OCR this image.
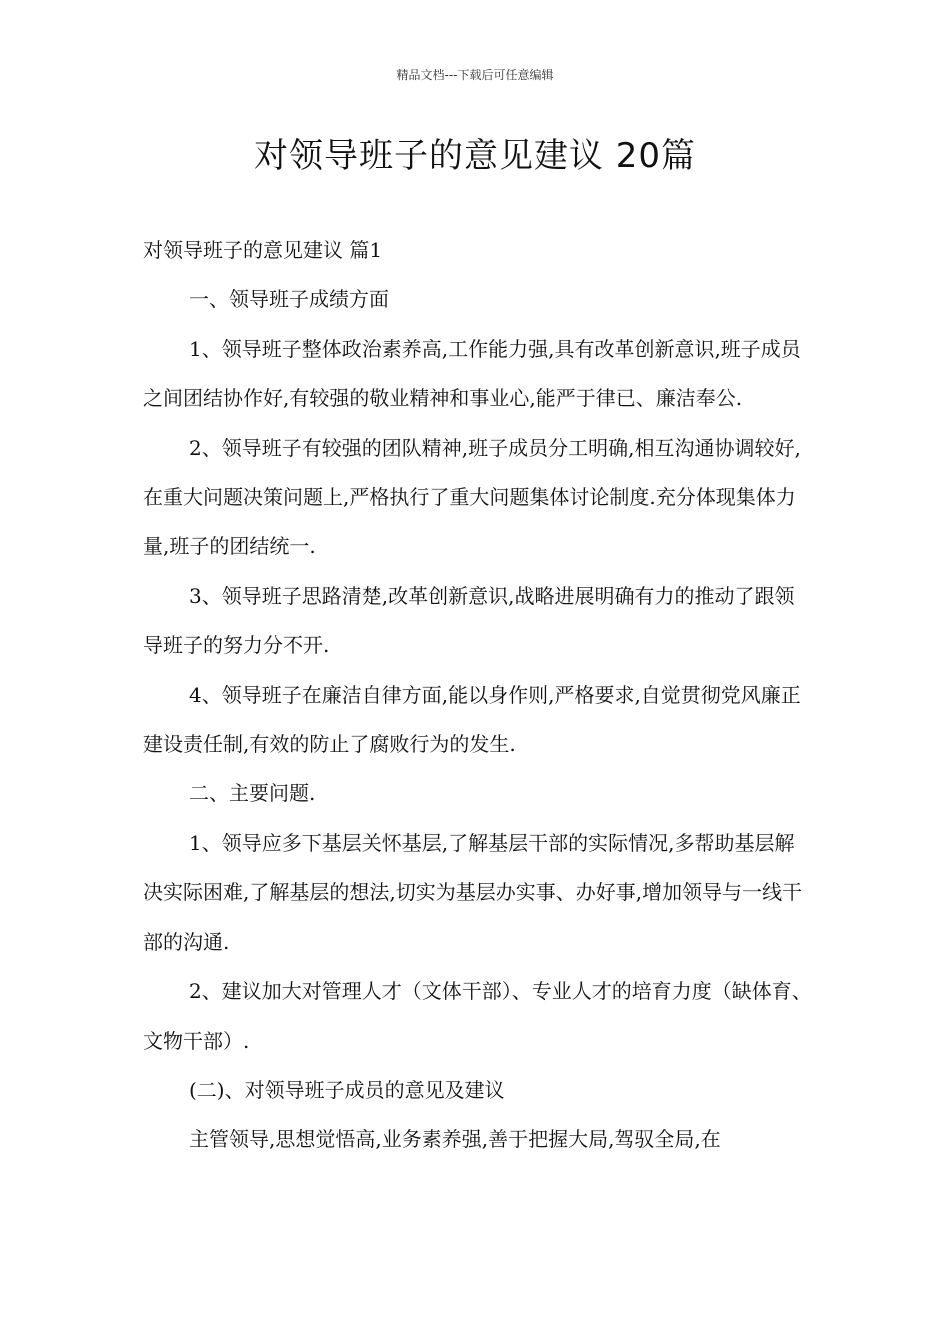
精品文档---下载后可任意编辑
对领导班子的意见建议 20篇

对领导班子的意见建议 篇1

一、领导班子成绩方面

1、领导班子整体政治素养高,工作能力强,具有改革创新意识,班子成员之间团结协作好,有较强的敬业精神和事业心,能严于律已、廉洁奉公.

2、领导班子有较强的团队精神,班子成员分工明确,相互沟通协调较好,在重大问题决策问题上,严格执行了重大问题集体讨论制度.充分体现集体力量,班子的团结统一.

3、领导班子思路清楚,改革创新意识,战略进展明确有力的推动了跟领导班子的努力分不开.

4、领导班子在廉洁自律方面,能以身作则,严格要求,自觉贯彻党风廉正建设责任制,有效的防止了腐败行为的发生.

二、主要问题.

1、领导应多下基层关怀基层,了解基层干部的实际情况,多帮助基层解决实际困难,了解基层的想法,切实为基层办实事、办好事,增加领导与一线干部的沟通.

2、建议加大对管理人才（文体干部）、专业人才的培育力度（缺体育、文物干部）.

(二)、对领导班子成员的意见及建议

主管领导,思想觉悟高,业务素养强,善于把握大局,驾驭全局,在
